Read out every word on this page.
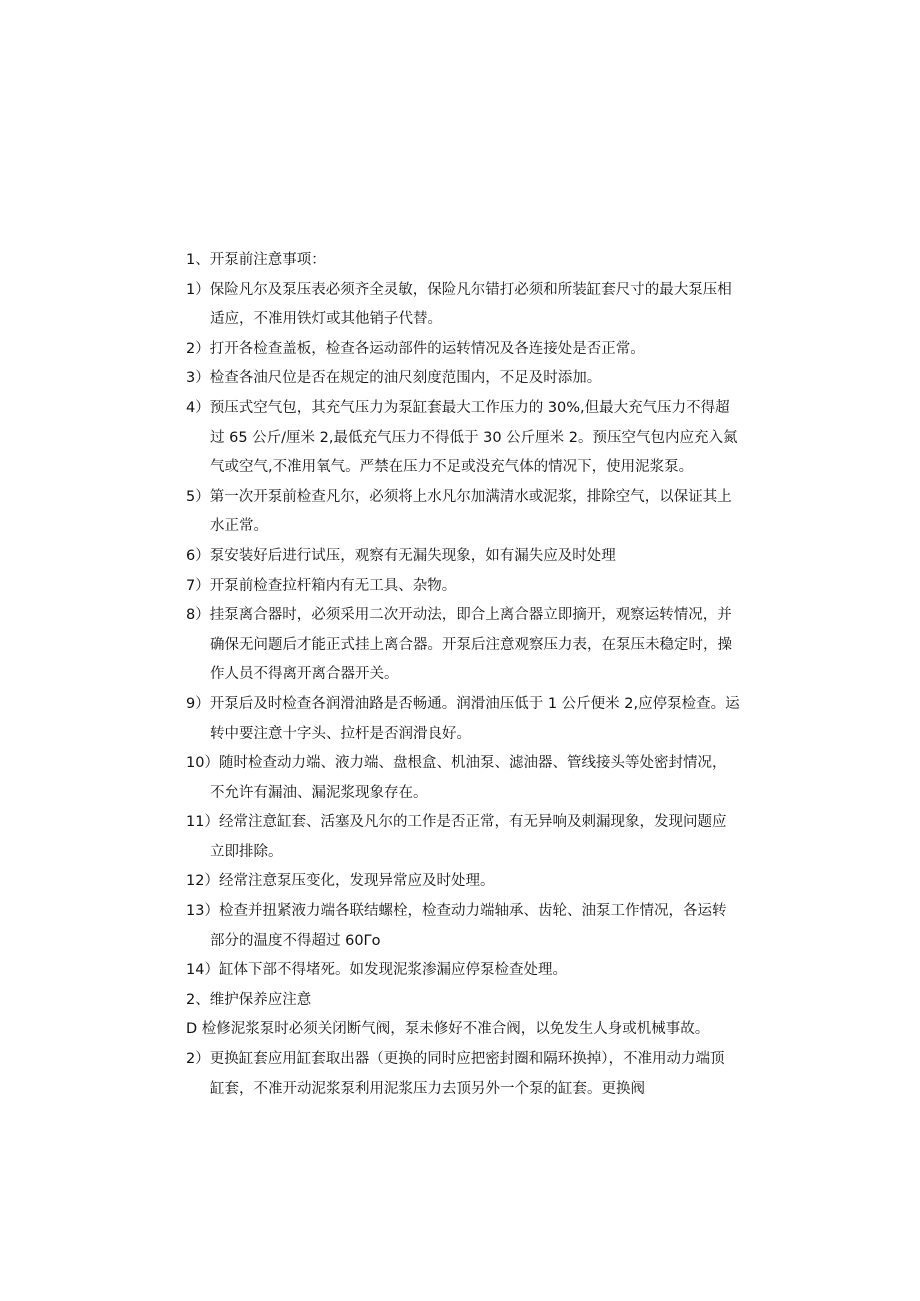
1、开泵前注意事项：
1）保险凡尔及泵压表必须齐全灵敏，保险凡尔错打必须和所装缸套尺寸的最大泵压相
适应，不准用铁灯或其他销子代替。
2）打开各检查盖板，检查各运动部件的运转情况及各连接处是否正常。
3）检查各油尺位是否在规定的油尺刻度范围内，不足及时添加。
4）预压式空气包，其充气压力为泵缸套最大工作压力的 30%,但最大充气压力不得超
过 65 公斤/厘米 2,最低充气压力不得低于 30 公斤厘米 2。预压空气包内应充入氮
气或空气,不准用氧气。严禁在压力不足或没充气体的情况下，使用泥浆泵。
5）第一次开泵前检查凡尔，必须将上水凡尔加满清水或泥浆，排除空气，以保证其上
水正常。
6）泵安装好后进行试压，观察有无漏失现象，如有漏失应及时处理
7）开泵前检查拉杆箱内有无工具、杂物。
8）挂泵离合器时，必须采用二次开动法，即合上离合器立即摘开，观察运转情况，并
确保无问题后才能正式挂上离合器。开泵后注意观察压力表，在泵压未稳定时，操
作人员不得离开离合器开关。
9）开泵后及时检查各润滑油路是否畅通。润滑油压低于 1 公斤便米 2,应停泵检查。运
转中要注意十字头、拉杆是否润滑良好。
10）随时检查动力端、液力端、盘根盒、机油泵、滤油器、管线接头等处密封情况，
不允许有漏油、漏泥浆现象存在。
11）经常注意缸套、活塞及凡尔的工作是否正常，有无异响及刺漏现象，发现问题应
立即排除。
12）经常注意泵压变化，发现异常应及时处理。
13）检查并扭紧液力端各联结螺栓，检查动力端轴承、齿轮、油泵工作情况，各运转
部分的温度不得超过 60Γo
14）缸体下部不得堵死。如发现泥浆渗漏应停泵检查处理。
2、维护保养应注意
D 检修泥浆泵时必须关闭断气阀，泵未修好不准合阀，以免发生人身或机械事故。
2）更换缸套应用缸套取出器（更换的同时应把密封圈和隔环换掉），不准用动力端顶
缸套，不准开动泥浆泵利用泥浆压力去顶另外一个泵的缸套。更换阀
